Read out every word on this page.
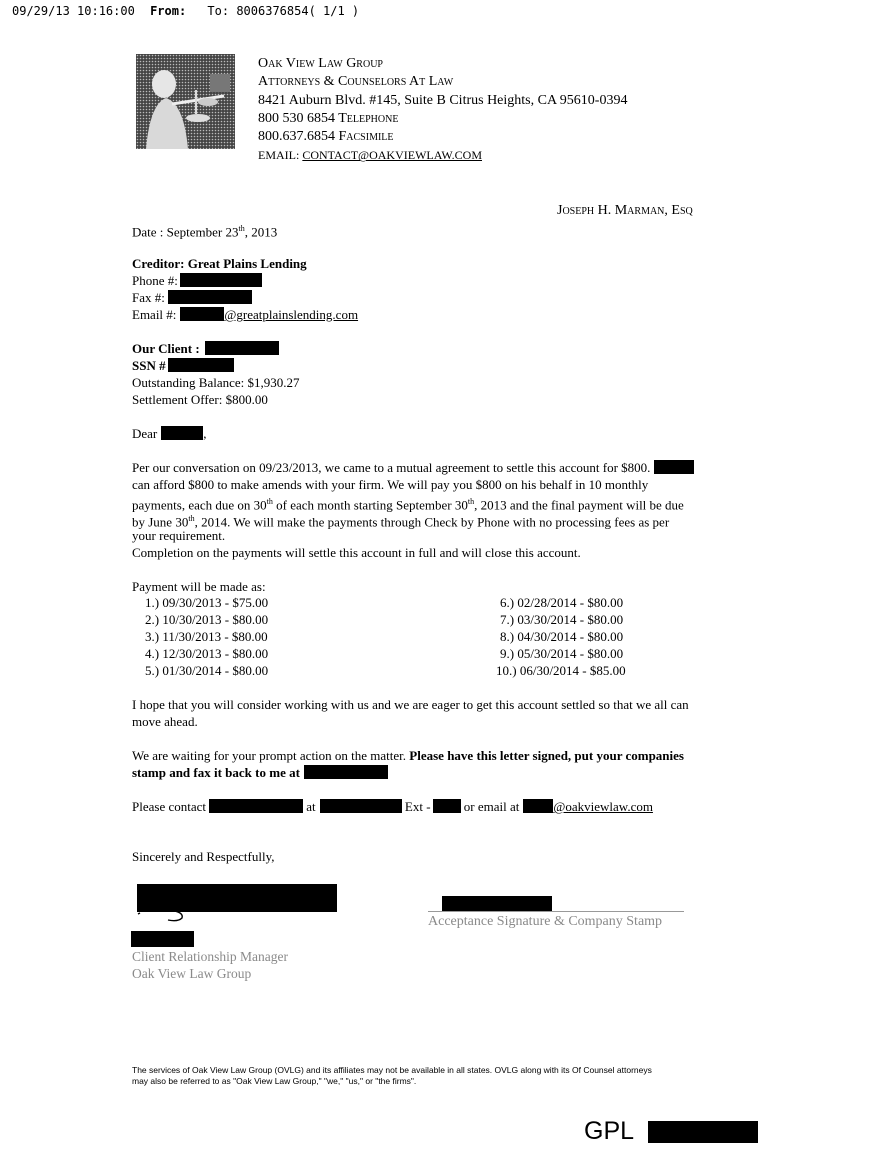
09/29/13 10:16:00 From: To: 8006376854( 1/1 )
Oak View Law Group
Attorneys & Counselors At Law
8421 Auburn Blvd. #145, Suite B Citrus Heights, CA 95610-0394
800 530 6854 Telephone
800.637.6854 Facsimile
EMAIL: CONTACT@OAKVIEWLAW.COM
Joseph H. Marman, Esq
Date : September 23th, 2013
Creditor: Great Plains Lending
Phone #:
Fax #:
Email #:	@greatplainslending.com
Our Client :
SSN #
Outstanding Balance: $1,930.27
Settlement Offer: $800.00
Dear	,
Per our conversation on 09/23/2013, we came to a mutual agreement to settle this account for $800.
can afford $800 to make amends with your firm. We will pay you $800 on his behalf in 10 monthly
payments, each due on 30th of each month starting September 30th, 2013 and the final payment will be due
by June 30th, 2014. We will make the payments through Check by Phone with no processing fees as per
your requirement.
Completion on the payments will settle this account in full and will close this account.
Payment will be made as:
1.) 09/30/2013 - $75.00
2.) 10/30/2013 - $80.00
3.) 11/30/2013 - $80.00
4.) 12/30/2013 - $80.00
5.) 01/30/2014 - $80.00
6.) 02/28/2014 - $80.00
7.) 03/30/2014 - $80.00
8.) 04/30/2014 - $80.00
9.) 05/30/2014 - $80.00
10.) 06/30/2014 - $85.00
I hope that you will consider working with us and we are eager to get this account settled so that we all can
move ahead.
We are waiting for your prompt action on the matter. Please have this letter signed, put your companies
stamp and fax it back to me at
Please contact	at	Ext -	or email at	@oakviewlaw.com
Sincerely and Respectfully,
Client Relationship Manager
Oak View Law Group
Acceptance Signature & Company Stamp
The services of Oak View Law Group (OVLG) and its affiliates may not be available in all states. OVLG along with its Of Counsel attorneys
may also be referred to as "Oak View Law Group," "we," "us," or "the firms".
GPL
